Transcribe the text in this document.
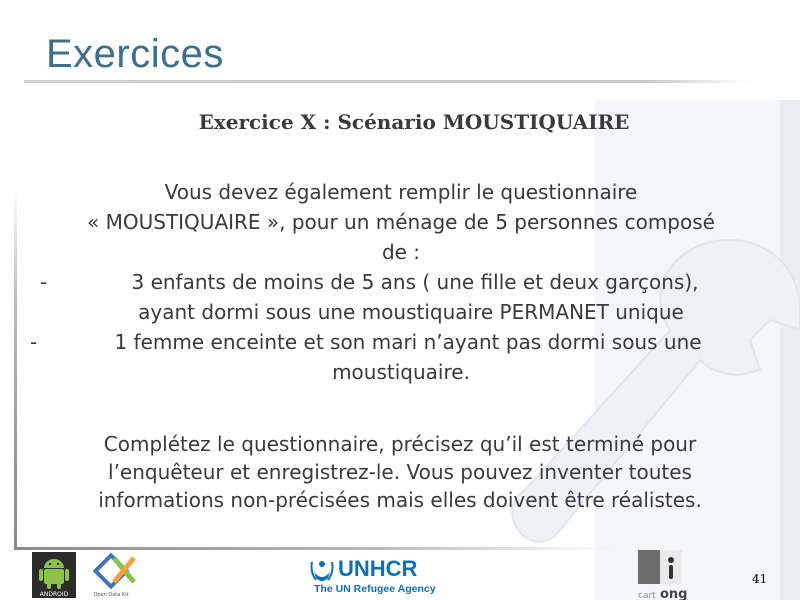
Exercices
Exercice X : Scénario MOUSTIQUAIRE

Vous devez également remplir le questionnaire

« MOUSTIQUAIRE », pour un ménage de 5 personnes composé

de :

-	3 enfants de moins de 5 ans ( une fille et deux garçons),

ayant dormi sous une moustiquaire PERMANET unique

-	1 femme enceinte et son mari n’ayant pas dormi sous une

moustiquaire.

Complétez le questionnaire, précisez qu’il est terminé pour

l’enquêteur et enregistrez-le. Vous pouvez inventer toutes

informations non-précisées mais elles doivent être réalistes.

ANDROID	Open Data Kit
UNHCR
The UN Refugee Agency
cart ong
41
